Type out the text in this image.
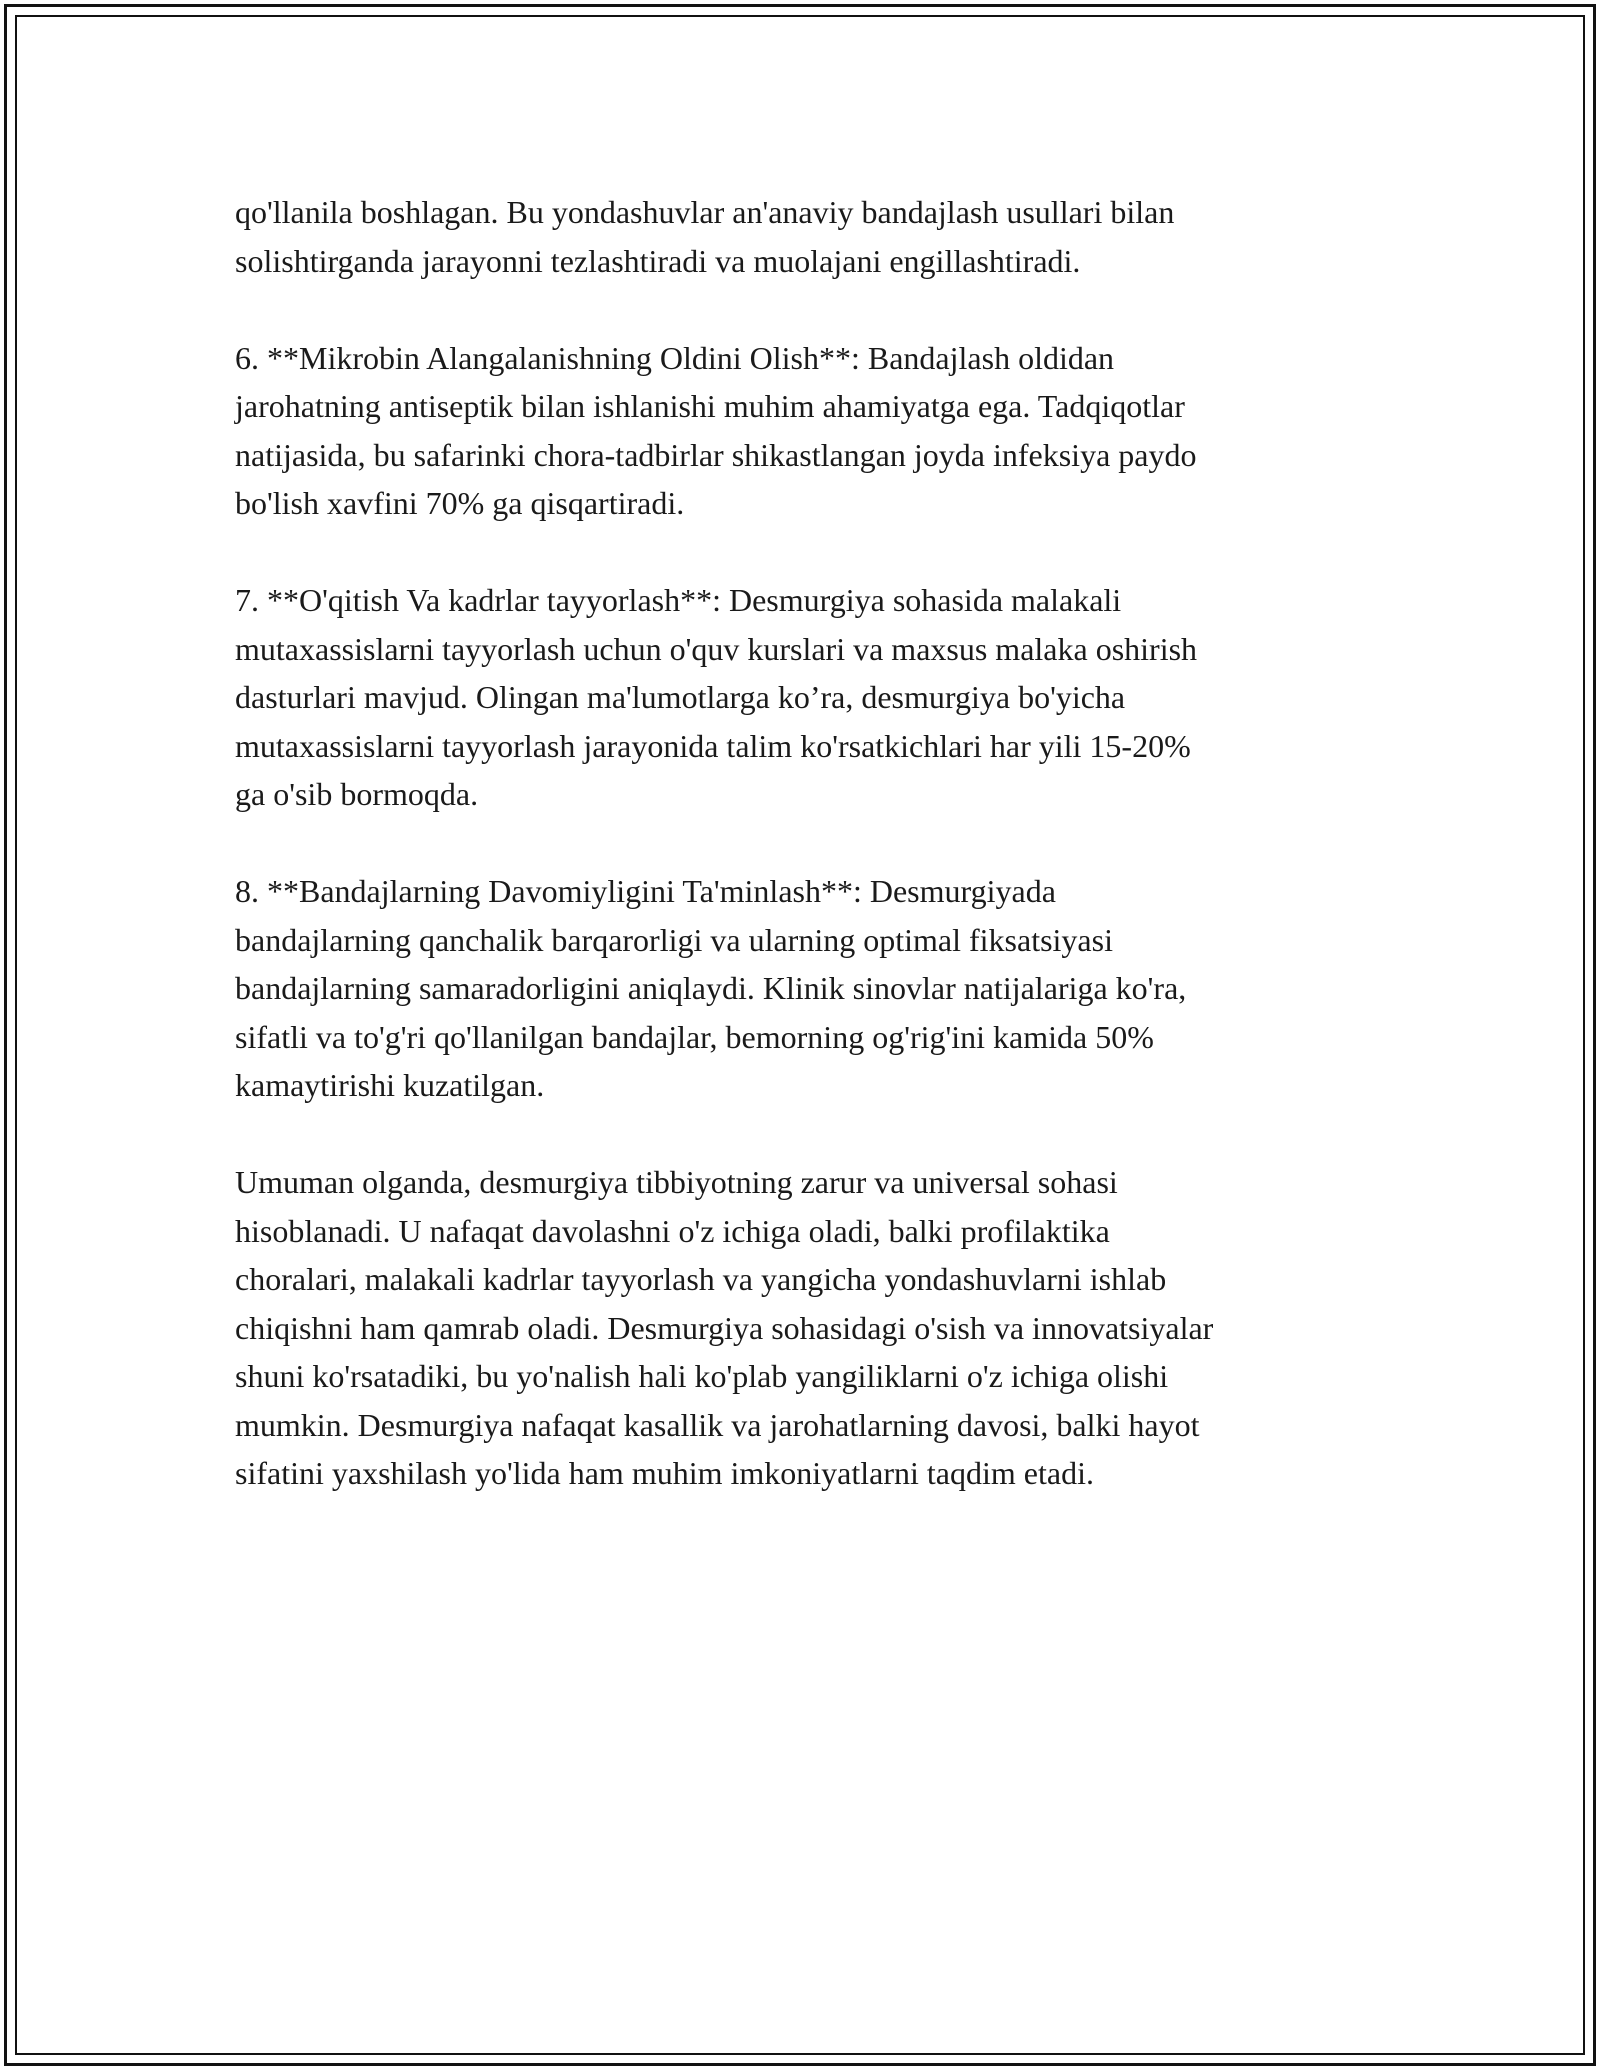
qo'llanila boshlagan. Bu yondashuvlar an'anaviy bandajlash usullari bilan
solishtirganda jarayonni tezlashtiradi va muolajani engillashtiradi.

6. **Mikrobin Alangalanishning Oldini Olish**: Bandajlash oldidan
jarohatning antiseptik bilan ishlanishi muhim ahamiyatga ega. Tadqiqotlar
natijasida, bu safarinki chora-tadbirlar shikastlangan joyda infeksiya paydo
bo'lish xavfini 70% ga qisqartiradi.

7. **O'qitish Va kadrlar tayyorlash**: Desmurgiya sohasida malakali
mutaxassislarni tayyorlash uchun o'quv kurslari va maxsus malaka oshirish
dasturlari mavjud. Olingan ma'lumotlarga ko’ra, desmurgiya bo'yicha
mutaxassislarni tayyorlash jarayonida talim ko'rsatkichlari har yili 15-20%
ga o'sib bormoqda.

8. **Bandajlarning Davomiyligini Ta'minlash**: Desmurgiyada
bandajlarning qanchalik barqarorligi va ularning optimal fiksatsiyasi
bandajlarning samaradorligini aniqlaydi. Klinik sinovlar natijalariga ko'ra,
sifatli va to'g'ri qo'llanilgan bandajlar, bemorning og'rig'ini kamida 50%
kamaytirishi kuzatilgan.

Umuman olganda, desmurgiya tibbiyotning zarur va universal sohasi
hisoblanadi. U nafaqat davolashni o'z ichiga oladi, balki profilaktika
choralari, malakali kadrlar tayyorlash va yangicha yondashuvlarni ishlab
chiqishni ham qamrab oladi. Desmurgiya sohasidagi o'sish va innovatsiyalar
shuni ko'rsatadiki, bu yo'nalish hali ko'plab yangiliklarni o'z ichiga olishi
mumkin. Desmurgiya nafaqat kasallik va jarohatlarning davosi, balki hayot
sifatini yaxshilash yo'lida ham muhim imkoniyatlarni taqdim etadi.
